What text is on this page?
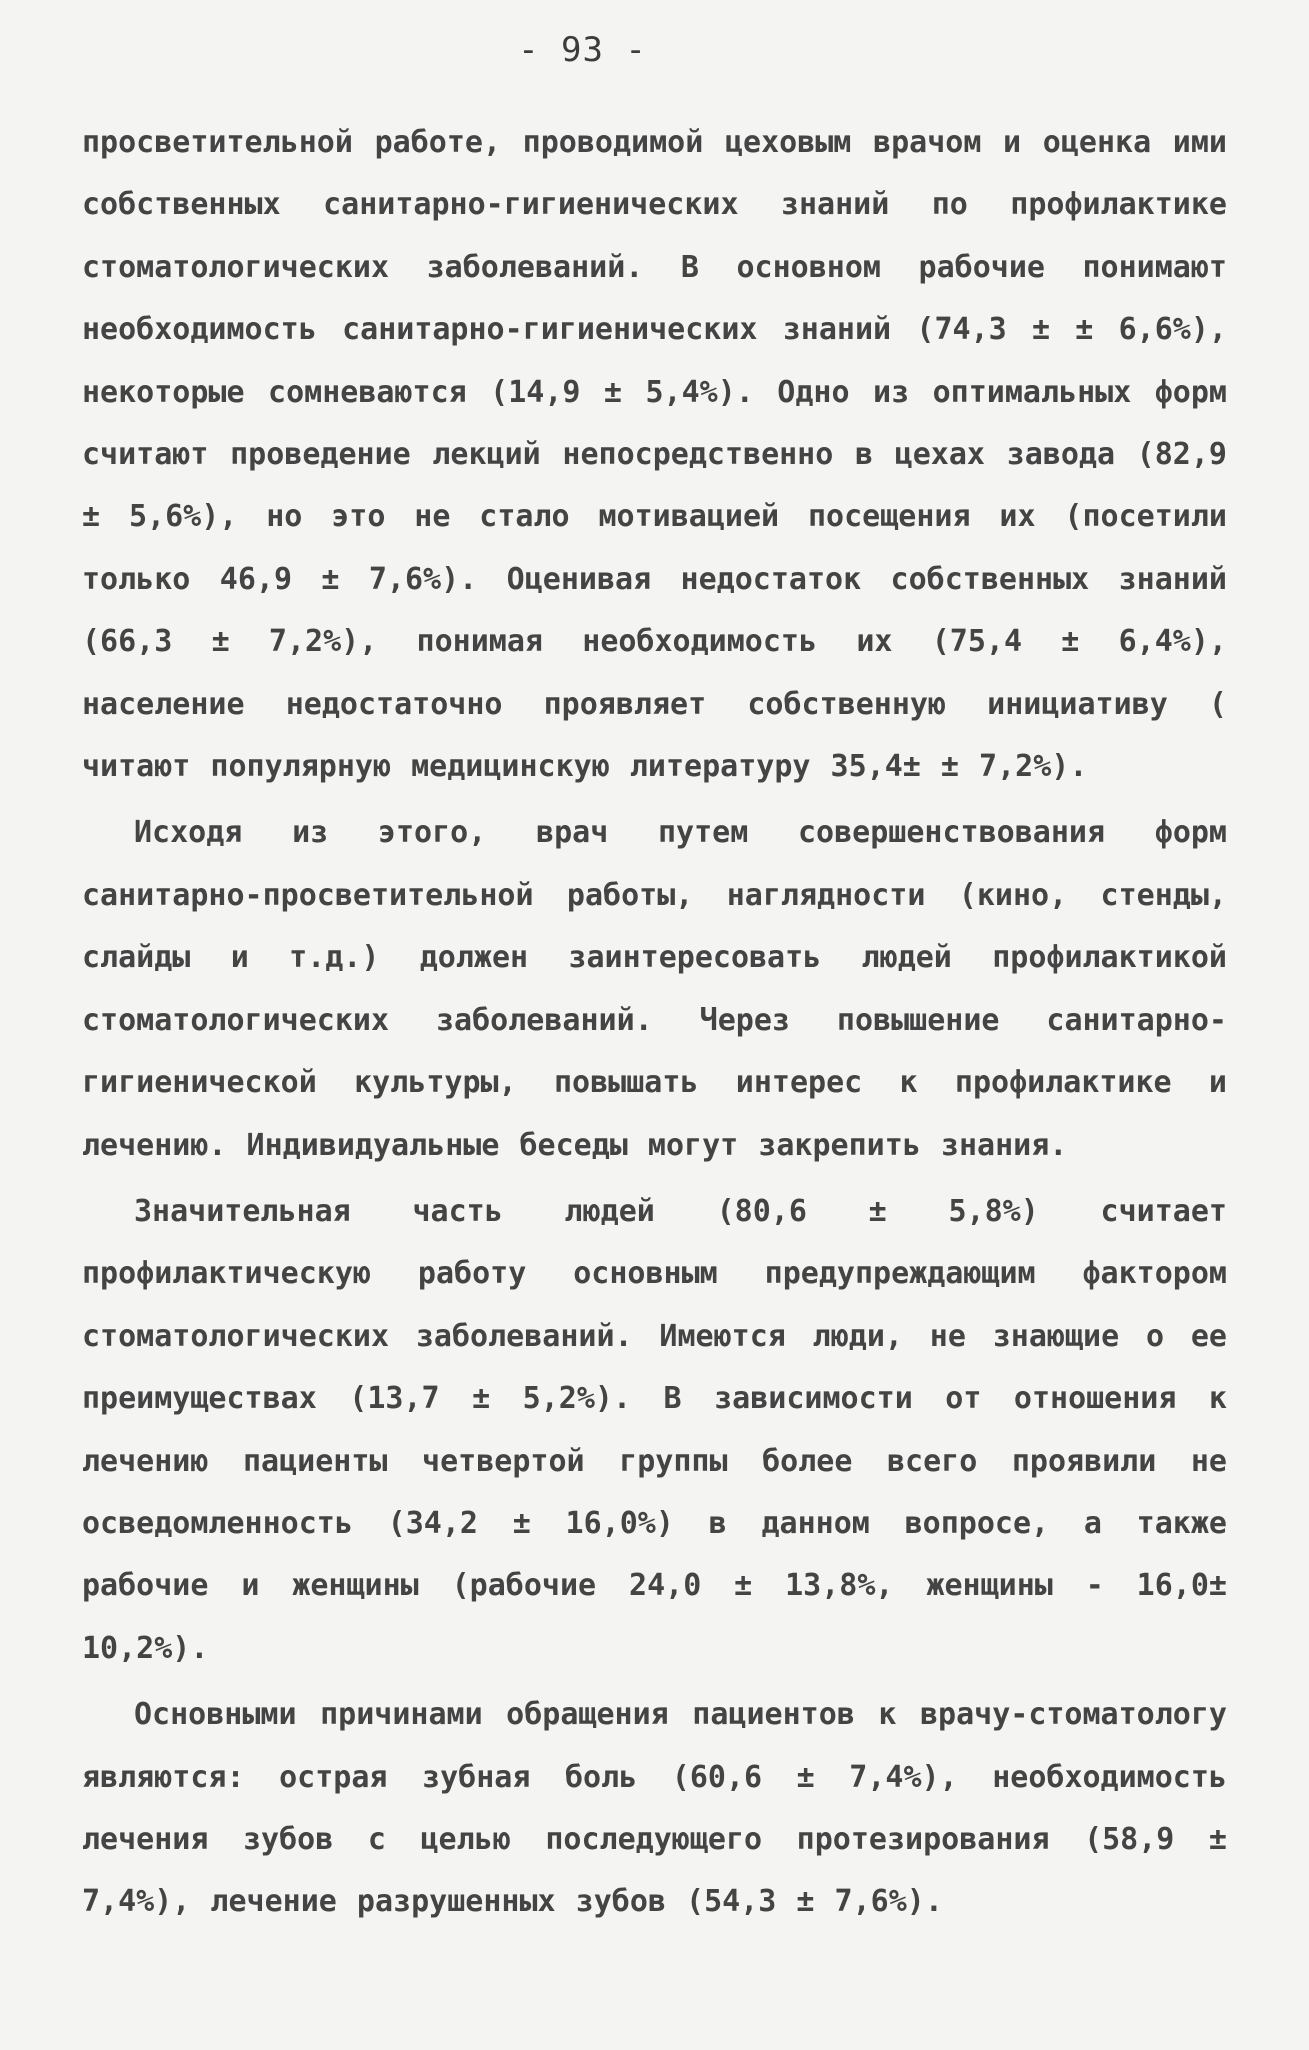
- 93 -

просветительной работе, проводимой цеховым врачом и оценка ими собственных санитарно-гигиенических знаний по профилактике стоматологических заболеваний. В основном рабочие понимают необходимость санитарно-гигиенических знаний (74,3 ± ± 6,6%), некоторые сомневаются (14,9 ± 5,4%). Одно из оптимальных форм считают проведение лекций непосредственно в цехах завода (82,9 ± 5,6%), но это не стало мотивацией посещения их (посетили только 46,9 ± 7,6%). Оценивая недостаток собственных знаний (66,3 ± 7,2%), понимая необходимость их (75,4 ± 6,4%), население недостаточно проявляет собственную инициативу ( читают популярную медицинскую литературу 35,4± ± 7,2%).

Исходя из этого, врач путем совершенствования форм санитарно-просветительной работы, наглядности (кино, стенды, слайды и т.д.) должен заинтересовать людей профилактикой стоматологических заболеваний. Через повышение санитарно-гигиенической культуры, повышать интерес к профилактике и лечению. Индивидуальные беседы могут закрепить знания.

Значительная часть людей (80,6 ± 5,8%) считает профилактическую работу основным предупреждающим фактором стоматологических заболеваний. Имеются люди, не знающие о ее преимуществах (13,7 ± 5,2%). В зависимости от отношения к лечению пациенты четвертой группы более всего проявили не осведомленность (34,2 ± 16,0%) в данном вопросе, а также рабочие и женщины (рабочие 24,0 ± 13,8%, женщины - 16,0± 10,2%).

Основными причинами обращения пациентов к врачу-стоматологу являются: острая зубная боль (60,6 ± 7,4%), необходимость лечения зубов с целью последующего протезирования (58,9 ± 7,4%), лечение разрушенных зубов (54,3 ± 7,6%).
